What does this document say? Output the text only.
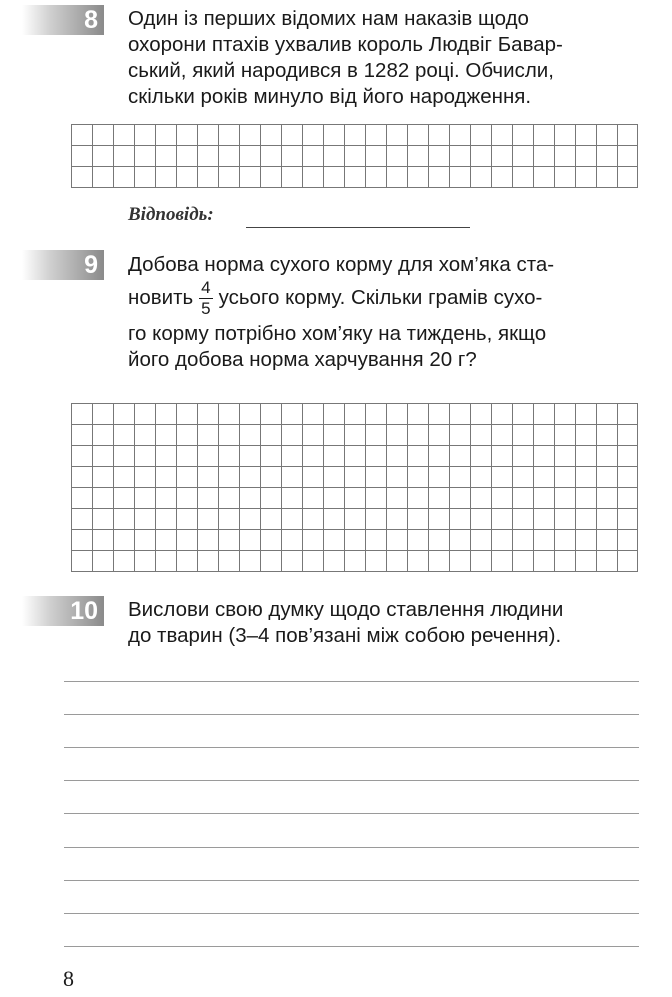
8 Один із перших відомих нам наказів щодо

охорони птахів ухвалив король Людвіг Бавар-

ський, який народився в 1282 році. Обчисли,

скільки років минуло від його народження.

Відповідь:
9 Добова норма сухого корму для хом’яка ста-

новить $\frac{4}{5}$ усього корму. Скільки грамів сухо-

го корму потрібно хом’яку на тиждень, якщо

його добова норма харчування 20 г?

10 Вислови свою думку щодо ставлення людини

до тварин (3–4 пов’язані між собою речення).

8
